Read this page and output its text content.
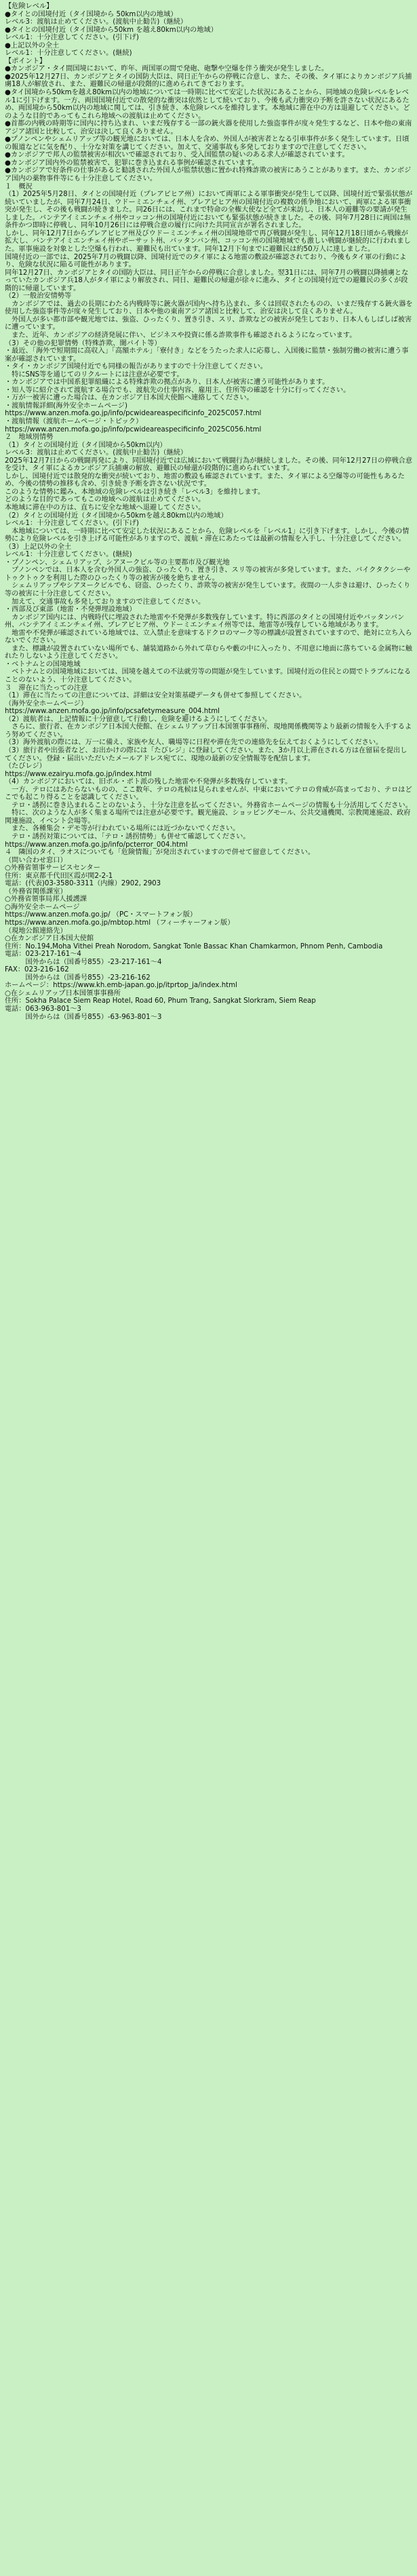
【危険レベル】
●タイとの国境付近（タイ国境から 50km以内の地域）
レベル3：渡航は止めてください。(渡航中止勧告)（継続）
●タイとの国境付近（タイ国境から50km を越え80km以内の地域）
レベル1：十分注意してください。(引下げ)
●上記以外の全土
レベル1：十分注意してください。(継続)

【ポイント】
●カンボジア・タイ間国境において、昨年、両国軍の間で発砲、砲撃や空爆を伴う衝突が発生しました。
●2025年12月27日、カンボジアとタイの国防大臣は、同日正午からの停戦に合意し、また、その後、タイ軍によりカンボジア兵捕虜18人が解放され、また、避難民の帰還が段階的に進められてきております。
●タイ国境から50kmを越え80km以内の地域については一時期に比べて安定した状況にあることから、同地域の危険レベルをレベル1に引下げます。一方、両国国境付近での散発的な衝突は依然として続いており、今後も武力衝突の予断を許さない状況にあるため、両国境から50km以内の地域に関しては、引き続き、本危険レベルを維持します。本地域に滞在中の方は退避してください。どのような目的であってもこれら地域への渡航は止めてください。
●首都の内戦の時期等に国内に持ち込まれ、いまだ残存する一部の銃火器を使用した強盗事件が度々発生するなど、日本や他の東南アジア諸国と比較して、治安は決して良くありません。
●プノンペンやシェムリアップ等の観光地においては、日本人を含め、外国人が被害者となる引車事件が多く発生しています。日頃の報道などに気を配り、十分な対策を講じてください。加えて、交通事故も多発しておりますので注意してください。
●カンボジアで邦人の監禁被害が相次いで確認されており、受入国監禁の疑いのある求人が確認されています。
●カンボジア国内外の監禁被害で、犯罪に巻き込まれる事例が確認されています。
●カンボジアで好条件の仕事があると勧誘された外国人が監禁状態に置かれ特殊詐欺の被害にあうことがあります。また、カンボジア国内の薬物事件等にも十分注意してください。

１　概況
（1）2025年5月28日、タイとの国境付近（プレアビヒア州）において両軍による軍事衝突が発生して以降、国境付近で緊張状態が続いていましたが、同年7月24日、ウドーミエンチェイ州、プレアビヒア州の国境付近の複数の係争地において、両軍による軍事衝突が発生し、その後も戦闘が続きました。同26日には、これまで特命の全権大使など全てが来訪し、日本人の避難等の要請が発生しました。バンテアイミエンチェイ州やコッコン州の国境付近においても緊張状態が続きました。その後、同年7月28日に両国は無条件かつ即時に停戦し、同年10月26日には停戦合意の履行に向けた共同宣言が署名されました。
しかし、同年12月7日からプレアビヒア州及びウドーミエンチェイ州の国境地帯で再び戦闘が発生し、同年12月18日頃から戦線が拡大し、バンテアイミエンチェイ州やポーサット州、バッタンバン州、コッコン州の国境地域でも激しい戦闘が継続的に行われました。軍事施設を対象とした空爆も行われ、避難民も出ています。同年12月下旬までに避難民は約50万人に達しました。
国境付近の一部では、2025年7月の戦闘以降、国境付近でのタイ軍による地雷の敷設が確認されており、今後もタイ軍の行動により、危険な状況に陥る可能性があります。
同年12月27日、カンボジアとタイの国防大臣は、同日正午からの停戦に合意しました。翌31日には、同年7月の戦闘以降捕虜となっていたカンボジア兵18人がタイ軍により解放され、同日、避難民の帰還が徐々に進み、タイとの国境付近での避難民の多くが段階的に帰還しています。

（2）一般治安情勢等
　カンボジアでは、過去の長期にわたる内戦時等に銃火器が国内へ持ち込まれ、多くは回収されたものの、いまだ残存する銃火器を使用した強盗事件等が度々発生しており、日本や他の東南アジア諸国と比較して、治安は決して良くありません。
　外国人が多い都市部や観光地では、強盗、ひったくり、置き引き、スリ、詐欺などの被害が発生しており、日本人もしばしば被害に遭っています。
　また、近年、カンボジアの経済発展に伴い、ビジネスや投資に係る詐欺事件も確認されるようになっています。

（3）その他の犯罪情勢（特殊詐欺、闇バイト等）
・最近、「海外で短期間に高収入」「高額ホテル」「寮付き」などをうたった求人に応募し、入国後に監禁・強制労働の被害に遭う事案が確認されています。
・タイ・カンボジア国境付近でも同様の報告がありますので十分注意してください。
　特にSNS等を通じてのリクルートには注意が必要です。
・カンボジアでは中国系犯罪組織による特殊詐欺の拠点があり、日本人が被害に遭う可能性があります。
・知人等に紹介されて渡航する場合でも、渡航先の仕事内容、雇用主、住所等の確認を十分に行ってください。
・万が一被害に遭った場合は、在カンボジア日本国大使館へ連絡してください。

・渡航情報詳細(海外安全ホームページ)
https://www.anzen.mofa.go.jp/info/pcwideareaspecificinfo_2025C057.html
・渡航情報（渡航ホームページ・トピック）
https://www.anzen.mofa.go.jp/info/pcwideareaspecificinfo_2025C056.html

２　地域別情勢
（1）タイとの国境付近（タイ国境から50km以内）
レベル3：渡航は止めてください。(渡航中止勧告)（継続）
2025年12月7日からの戦闘再発により、同国境付近では広域において戦闘行為が継続しました。その後、同年12月27日の停戦合意を受け、タイ軍によるカンボジア兵捕虜の解放、避難民の帰還が段階的に進められています。
しかし、国境付近では散発的な衝突が続いており、地雷の敷設も確認されています。また、タイ軍による空爆等の可能性もあるため、今後の情勢の推移も含め、引き続き予断を許さない状況です。
このような情勢に鑑み、本地域の危険レベルは引き続き「レベル3」を維持します。
どのような目的であってもこの地域への渡航は止めてください。
本地域に滞在中の方は、直ちに安全な地域へ退避してください。

（2）タイとの国境付近（タイ国境から50kmを越え80km以内の地域）
レベル1：十分注意してください。(引下げ)
　本地域については、一時期に比べて安定した状況にあることから、危険レベルを「レベル1」に引き下げます。しかし、今後の情勢により危険レベルを引き上げる可能性がありますので、渡航・滞在にあたっては最新の情報を入手し、十分注意してください。

（3）上記以外の全土
レベル1：十分注意してください。(継続)
・プノンペン、シェムリアップ、シアヌークビル等の主要都市及び観光地
　プノンペンでは、日本人を含む外国人の強盗、ひったくり、置き引き、スリ等の被害が多発しています。また、バイクタクシーやトゥクトゥクを利用した際のひったくり等の被害が後を絶ちません。
　シェムリアップやシアヌークビルでも、窃盗、ひったくり、詐欺等の被害が発生しています。夜間の一人歩きは避け、ひったくり等の被害に十分注意してください。
　加えて、交通事故も多発しておりますので注意してください。

・西部及び東部（地雷・不発弾埋設地域）
　カンボジア国内には、内戦時代に埋設された地雷や不発弾が多数残存しています。特に西部のタイとの国境付近やバッタンバン州、バンテアイミエンチェイ州、プレアビヒア州、ウドーミエンチェイ州等では、地雷等が残存している地域があります。
　地雷や不発弾が確認されている地域では、立入禁止を意味するドクロのマーク等の標識が設置されていますので、絶対に立ち入らないでください。
　また、標識が設置されていない場所でも、舗装道路から外れて草むらや藪の中に入ったり、不用意に地面に落ちている金属物に触れたりしないよう注意してください。

・ベトナムとの国境地域
　ベトナムとの国境地域においては、国境を越えての不法就労等の問題が発生しています。国境付近の住民との間でトラブルになることのないよう、十分注意してください。

３　滞在に当たっての注意
（1）滞在に当たっての注意については、詳細は安全対策基礎データも併せて参照してください。
（海外安全ホームページ）
https://www.anzen.mofa.go.jp/info/pcsafetymeasure_004.html
（2）渡航者は、上記情報に十分留意して行動し、危険を避けるようにしてください。
　さらに、旅行者、在カンボジア日本国大使館、在シェムリアップ日本国領事事務所、現地関係機関等より最新の情報を入手するよう努めてください。

（3）海外渡航の際には、万一に備え、家族や友人、職場等に日程や滞在先での連絡先を伝えておくようにしてください。

（3）旅行者や出張者など、お出かけの際には「たびレジ」に登録してください。また、3か月以上滞在される方は在留届を提出してください。登録・届出いただいたメールアドレス宛てに、現地の最新の安全情報等を配信します。
（たびレジ）
https://www.ezairyu.mofa.go.jp/index.html

（4）カンボジアにおいては、旧ポル・ポト派の残した地雷や不発弾が多数残存しています。
　一方、テロにはあたらないものの、ここ数年、テロの兆候は見られませんが、中東においてテロの脅威が高まっており、テロはどこでも起こり得ることを認識してください。
　テロ・誘拐に巻き込まれることのないよう、十分な注意を払ってください。外務省ホームページの情報も十分活用してください。
　特に、次のような人が多く集まる場所では注意が必要です。観光施設、ショッピングモール、公共交通機関、宗教関連施設、政府関連施設、イベント会場等。
　また、各種集会・デモ等が行われている場所には近づかないでください。
　テロ・誘拐対策については、「テロ・誘拐情勢」も併せて確認してください。
https://www.anzen.mofa.go.jp/info/pcterror_004.html

４　隣国のタイ、ラオスについても「危険情報」が発出されていますので併せて留意してください。

（問い合わせ窓口）
○外務省領事サービスセンター
住所：東京都千代田区霞が関2-2-1
電話：(代表)03-3580-3311（内線）2902, 2903

（外務省関係課室）
○外務省領事局邦人援護課
○海外安全ホームページ
https://www.anzen.mofa.go.jp/ （PC・スマートフォン版）
https://www.anzen.mofa.go.jp/mbtop.html （フィーチャーフォン版）

（現地公館連絡先）
○在カンボジア日本国大使館
住所：No.194,Moha Vithei Preah Norodom, Sangkat Tonle Bassac Khan Chamkarmon, Phnom Penh, Cambodia
電話：023-217-161〜4
　　　国外からは（国番号855）-23-217-161〜4
FAX：023-216-162
　　　国外からは（国番号855）-23-216-162
ホームページ：https://www.kh.emb-japan.go.jp/itprtop_ja/index.html

○在シェムリアップ日本国領事事務所
住所：Sokha Palace Siem Reap Hotel, Road 60, Phum Trang, Sangkat Slorkram, Siem Reap
電話：063-963-801〜3
　　　国外からは（国番号855）-63-963-801〜3
